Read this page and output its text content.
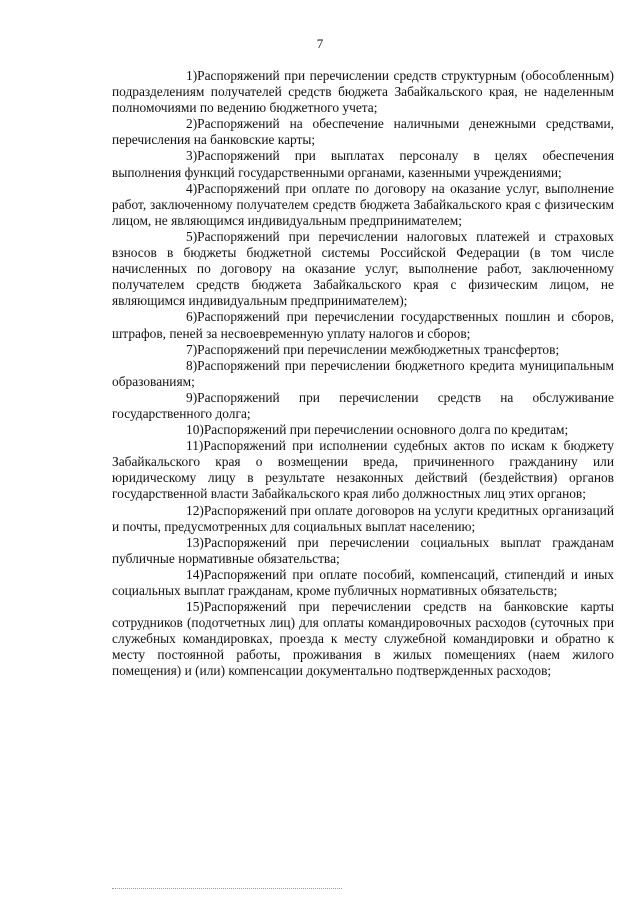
7

1)Распоряжений при перечислении средств структурным (обособленным) подразделениям получателей средств бюджета Забайкальского края, не наделенным полномочиями по ведению бюджетного учета;

2)Распоряжений на обеспечение наличными денежными средствами, перечисления на банковские карты;

3)Распоряжений при выплатах персоналу в целях обеспечения выполнения функций государственными органами, казенными учреждениями;

4)Распоряжений при оплате по договору на оказание услуг, выполнение работ, заключенному получателем средств бюджета Забайкальского края с физическим лицом, не являющимся индивидуальным предпринимателем;

5)Распоряжений при перечислении налоговых платежей и страховых взносов в бюджеты бюджетной системы Российской Федерации (в том числе начисленных по договору на оказание услуг, выполнение работ, заключенному получателем средств бюджета Забайкальского края с физическим лицом, не являющимся индивидуальным предпринимателем);

6)Распоряжений при перечислении государственных пошлин и сборов, штрафов, пеней за несвоевременную уплату налогов и сборов;

7)Распоряжений при перечислении межбюджетных трансфертов;

8)Распоряжений при перечислении бюджетного кредита муниципальным образованиям;

9)Распоряжений при перечислении средств на обслуживание государственного долга;

10)Распоряжений при перечислении основного долга по кредитам;

11)Распоряжений при исполнении судебных актов по искам к бюджету Забайкальского края о возмещении вреда, причиненного гражданину или юридическому лицу в результате незаконных действий (бездействия) органов государственной власти Забайкальского края либо должностных лиц этих органов;

12)Распоряжений при оплате договоров на услуги кредитных организаций и почты, предусмотренных для социальных выплат населению;

13)Распоряжений при перечислении социальных выплат гражданам публичные нормативные обязательства;

14)Распоряжений при оплате пособий, компенсаций, стипендий и иных социальных выплат гражданам, кроме публичных нормативных обязательств;

15)Распоряжений при перечислении средств на банковские карты сотрудников (подотчетных лиц) для оплаты командировочных расходов (суточных при служебных командировках, проезда к месту служебной командировки и обратно к месту постоянной работы, проживания в жилых помещениях (наем жилого помещения) и (или) компенсации документально подтвержденных расходов;
